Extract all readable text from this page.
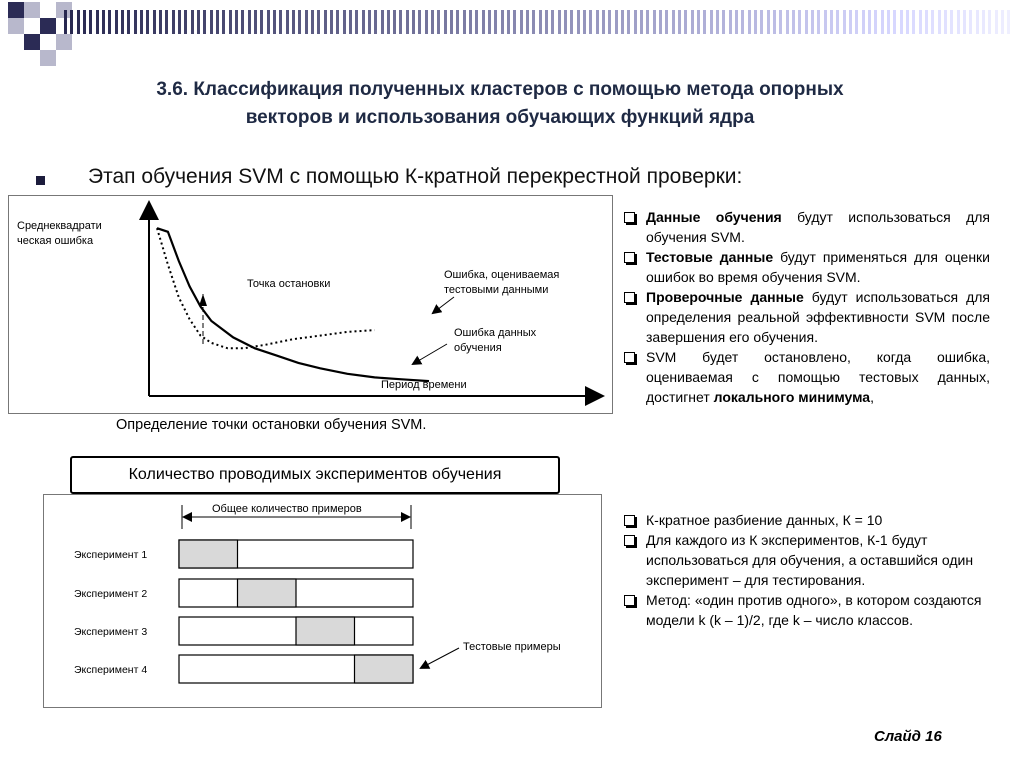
3.6. Классификация полученных кластеров с помощью метода опорных
векторов и использования обучающих функций ядра
Этап обучения SVM с помощью К-кратной перекрестной проверки:
Среднеквадрати
ческая ошибка
Точка остановки
Ошибка, оцениваемая
тестовыми данными
Ошибка данных
обучения
Период времени
Определение точки остановки обучения SVM.
Данные обучения будут использоваться для обучения SVM.
Тестовые данные будут применяться для оценки ошибок во время обучения SVM.
Проверочные данные будут использоваться для определения реальной эффективности SVM после завершения его обучения.
SVM будет остановлено, когда ошибка, оцениваемая с помощью тестовых данных, достигнет локального минимума,
Количество проводимых экспериментов обучения
Общее количество примеров
Эксперимент 1
Эксперимент 2
Эксперимент 3
Эксперимент 4
Тестовые примеры
К-кратное разбиение данных, К = 10
Для каждого из К экспериментов, К-1 будут использоваться для обучения, а оставшийся один эксперимент – для тестирования.
Метод: «один против одного», в котором создаются модели k (k – 1)/2, где k – число классов.
Слайд 16
